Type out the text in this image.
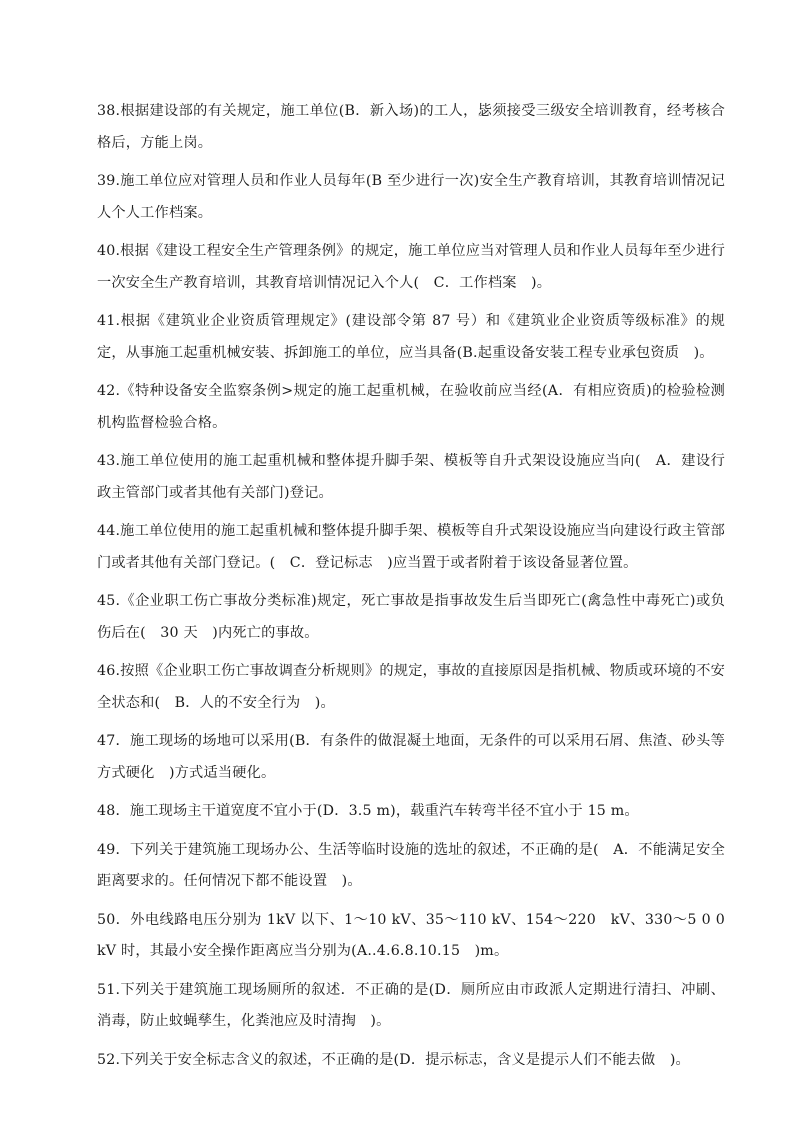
38.根据建设部的有关规定，施工单位(B．新入场)的工人，毖须接受三级安全培训教育，经考核合格后，方能上岗。

39.施工单位应对管理人员和作业人员每年(B 至少进行一次)安全生产教育培训，其教育培训情况记人个人工作档案。

40.根据《建设工程安全生产管理条例》的规定，施工单位应当对管理人员和作业人员每年至少进行一次安全生产教育培训，其教育培训情况记入个人(　C．工作档案　)。

41.根据《建筑业企业资质管理规定》(建设部令第 87 号）和《建筑业企业资质等级标准》的规定，从事施工起重机械安装、拆卸施工的单位，应当具备(B.起重设备安装工程专业承包资质　)。

42.《特种设备安全监察条例>规定的施工起重机械，在验收前应当经(A．有相应资质)的检验检测机构监督检验合格。

43.施工单位使用的施工起重机械和整体提升脚手架、模板等自升式架设设施应当向(　A．建设行政主管部门或者其他有关部门)登记。

44.施工单位使用的施工起重机械和整体提升脚手架、模板等自升式架设设施应当向建设行政主管部门或者其他有关部门登记。(　C．登记标志　)应当置于或者附着于该设备显著位置。

45.《企业职工伤亡事故分类标准)规定，死亡事故是指事故发生后当即死亡(禽急性中毒死亡)或负伤后在(　30 天　)内死亡的事故。

46.按照《企业职工伤亡事故调查分析规则》的规定，事故的直接原因是指机械、物质或环境的不安全状态和(　B．人的不安全行为　)。

47．施工现场的场地可以采用(B．有条件的做混凝土地面，无条件的可以采用石屑、焦渣、砂头等方式硬化　)方式适当硬化。

48．施工现场主干道宽度不宜小于(D．3.5 m)，载重汽车转弯半径不宜小于 15 m。

49．下列关于建筑施工现场办公、生活等临时设施的选址的叙述，不正确的是(　A．不能满足安全距离要求的。任何情况下都不能设置　)。

50．外电线路电压分别为 1kV 以下、1～10 kV、35～110 kV、154～220　kV、330～5 0 0 kV 时，其最小安全操作距离应当分别为(A..4.6.8.10.15　)m。

51.下列关于建筑施工现场厕所的叙述．不正确的是(D．厕所应由市政派人定期进行清扫、冲刷、消毒，防止蚊蝇孳生，化粪池应及时清掏　)。

52.下列关于安全标志含义的叙述，不正确的是(D．提示标志，含义是提示人们不能去做　)。
